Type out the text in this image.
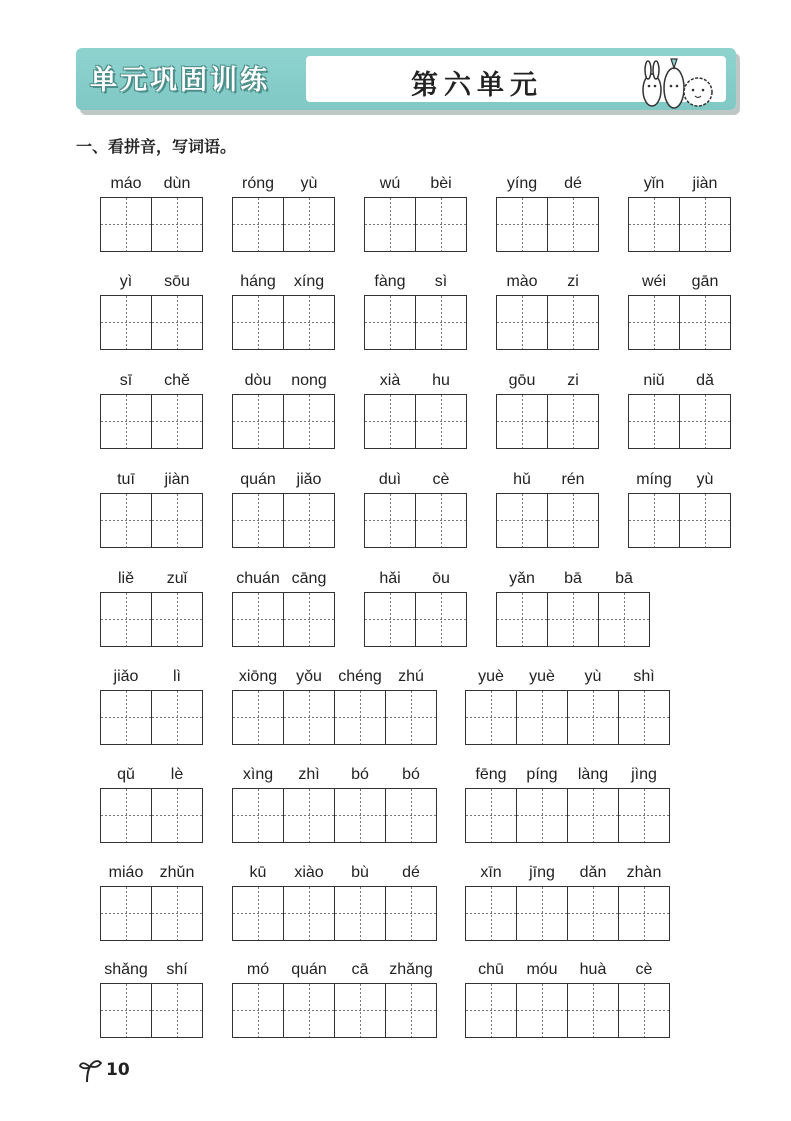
单元巩固训练	第六单元
一、看拼音，写词语。
máo	dùn	róng	yù	wú	bèi	yíng	dé	yǐn	jiàn
yì	sōu	háng	xíng	fàng	sì	mào	zi	wéi	gān
sī	chě	dòu	nong	xià	hu	gōu	zi	niǔ	dǎ
tuī	jiàn	quán	jiǎo	duì	cè	hǔ	rén	míng	yù
liě	zuǐ	chuán cāng	hǎi	ōu	yǎn	bā	bā
jiǎo	lì	xiōng	yǒu	chéng	zhú	yuè	yuè	yù	shì
qǔ	lè	xìng	zhì	bó	bó	fēng	píng	làng	jìng
miáo	zhǔn	kū	xiào	bù	dé	xīn	jīng	dǎn	zhàn
shǎng	shí	mó	quán	cā	zhǎng	chū	móu	huà	cè
10
